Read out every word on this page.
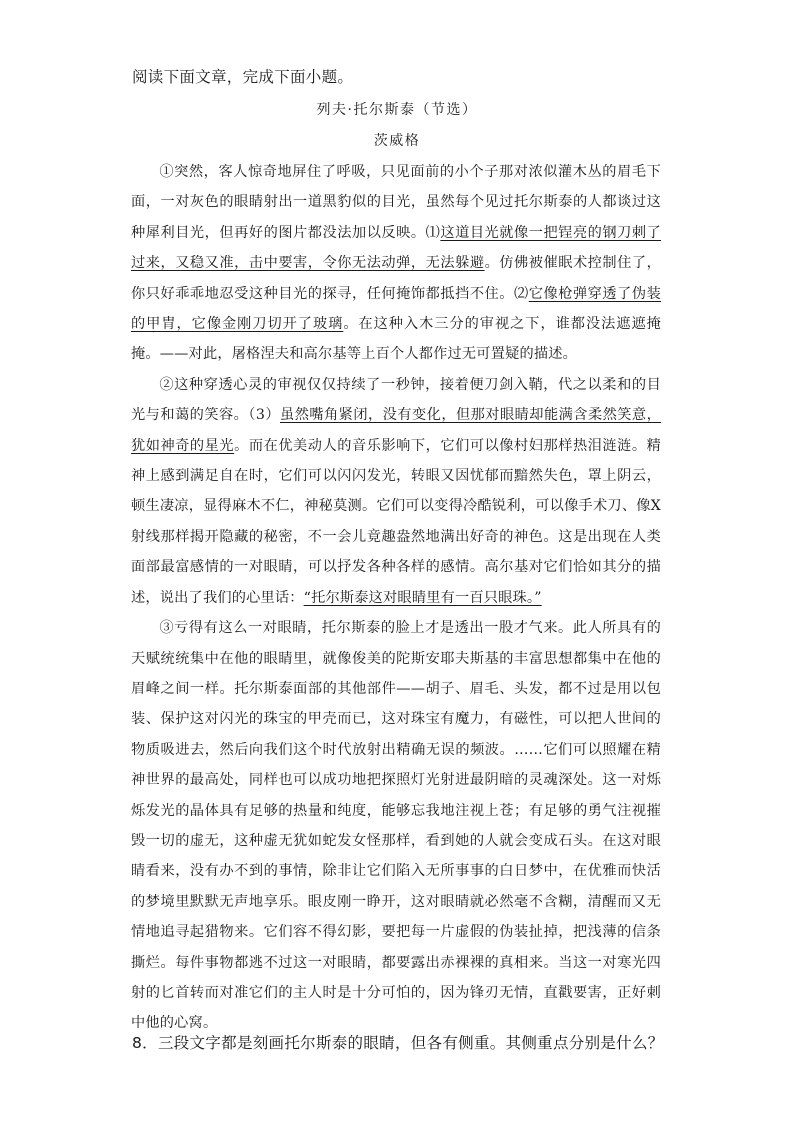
阅读下面文章，完成下面小题。
列夫·托尔斯泰（节选）
茨威格

①突然，客人惊奇地屏住了呼吸，只见面前的小个子那对浓似灌木丛的眉毛下面，一对灰色的眼睛射出一道黑豹似的目光，虽然每个见过托尔斯泰的人都谈过这种犀利目光，但再好的图片都没法加以反映。⑴这道目光就像一把锃亮的钢刀刺了过来，又稳又准，击中要害，令你无法动弹，无法躲避。仿佛被催眠术控制住了，你只好乖乖地忍受这种目光的探寻，任何掩饰都抵挡不住。⑵它像枪弹穿透了伪装的甲胄，它像金刚刀切开了玻璃。在这种入木三分的审视之下，谁都没法遮遮掩掩。——对此，屠格涅夫和高尔基等上百个人都作过无可置疑的描述。

②这种穿透心灵的审视仅仅持续了一秒钟，接着便刀剑入鞘，代之以柔和的目光与和蔼的笑容。（3）虽然嘴角紧闭，没有变化，但那对眼睛却能满含柔然笑意，犹如神奇的星光。而在优美动人的音乐影响下，它们可以像村妇那样热泪涟涟。精神上感到满足自在时，它们可以闪闪发光，转眼又因忧郁而黯然失色，罩上阴云，顿生凄凉，显得麻木不仁，神秘莫测。它们可以变得冷酷锐利，可以像手术刀、像X射线那样揭开隐藏的秘密，不一会儿竟趣盎然地满出好奇的神色。这是出现在人类面部最富感情的一对眼睛，可以抒发各种各样的感情。高尔基对它们恰如其分的描述，说出了我们的心里话：“托尔斯泰这对眼睛里有一百只眼珠。”

③亏得有这么一对眼睛，托尔斯泰的脸上才是透出一股才气来。此人所具有的天赋统统集中在他的眼睛里，就像俊美的陀斯安耶夫斯基的丰富思想都集中在他的眉峰之间一样。托尔斯泰面部的其他部件——胡子、眉毛、头发，都不过是用以包装、保护这对闪光的珠宝的甲壳而已，这对珠宝有魔力，有磁性，可以把人世间的物质吸进去，然后向我们这个时代放射出精确无误的频波。……它们可以照耀在精神世界的最高处，同样也可以成功地把探照灯光射进最阴暗的灵魂深处。这一对烁烁发光的晶体具有足够的热量和纯度，能够忘我地注视上苍；有足够的勇气注视摧毁一切的虚无，这种虚无犹如蛇发女怪那样，看到她的人就会变成石头。在这对眼睛看来，没有办不到的事情，除非让它们陷入无所事事的白日梦中，在优雅而快活的梦境里默默无声地享乐。眼皮刚一睁开，这对眼睛就必然毫不含糊，清醒而又无情地追寻起猎物来。它们容不得幻影，要把每一片虚假的伪装扯掉，把浅薄的信条撕烂。每件事物都逃不过这一对眼睛，都要露出赤裸裸的真相来。当这一对寒光四射的匕首转而对准它们的主人时是十分可怕的，因为锋刃无情，直戳要害，正好刺中他的心窝。

8．三段文字都是刻画托尔斯泰的眼睛，但各有侧重。其侧重点分别是什么？
